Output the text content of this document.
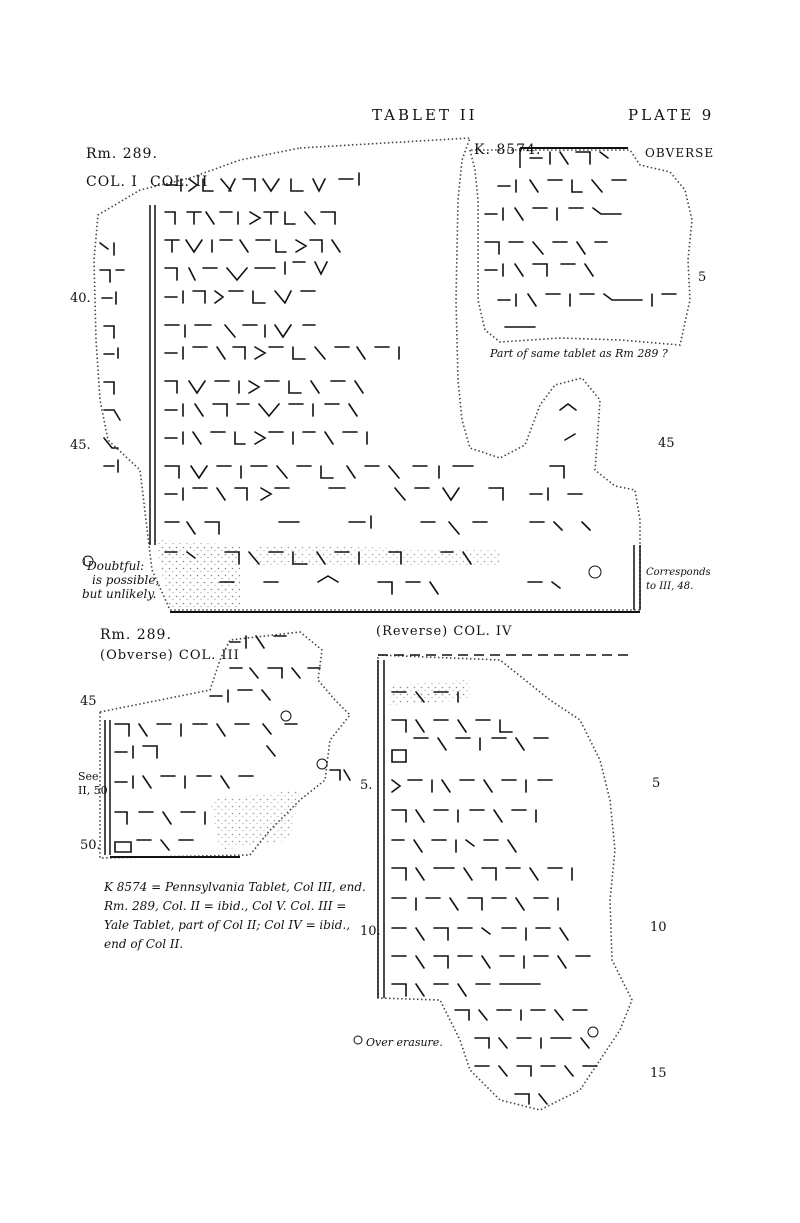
TABLET II	PLATE 9
Rm. 289.
COL. I COL. II
40.
45.
$^1$Doubtful:
is possible,
but unlikely.
Corresponds
to III, 48.
K. 8574.	OBVERSE
5
Part of same tablet as Rm 289 ?
45
Rm. 289.
(Obverse) COL. III
45
50.
See
II, 50
K 8574 = Pennsylvania Tablet, Col III, end.
Rm. 289, Col. II = ibid., Col V. Col. III =
Yale Tablet, part of Col II; Col IV = ibid.,
end of Col II.
(Reverse) COL. IV
5.
10.
5
10
15
Over erasure.
